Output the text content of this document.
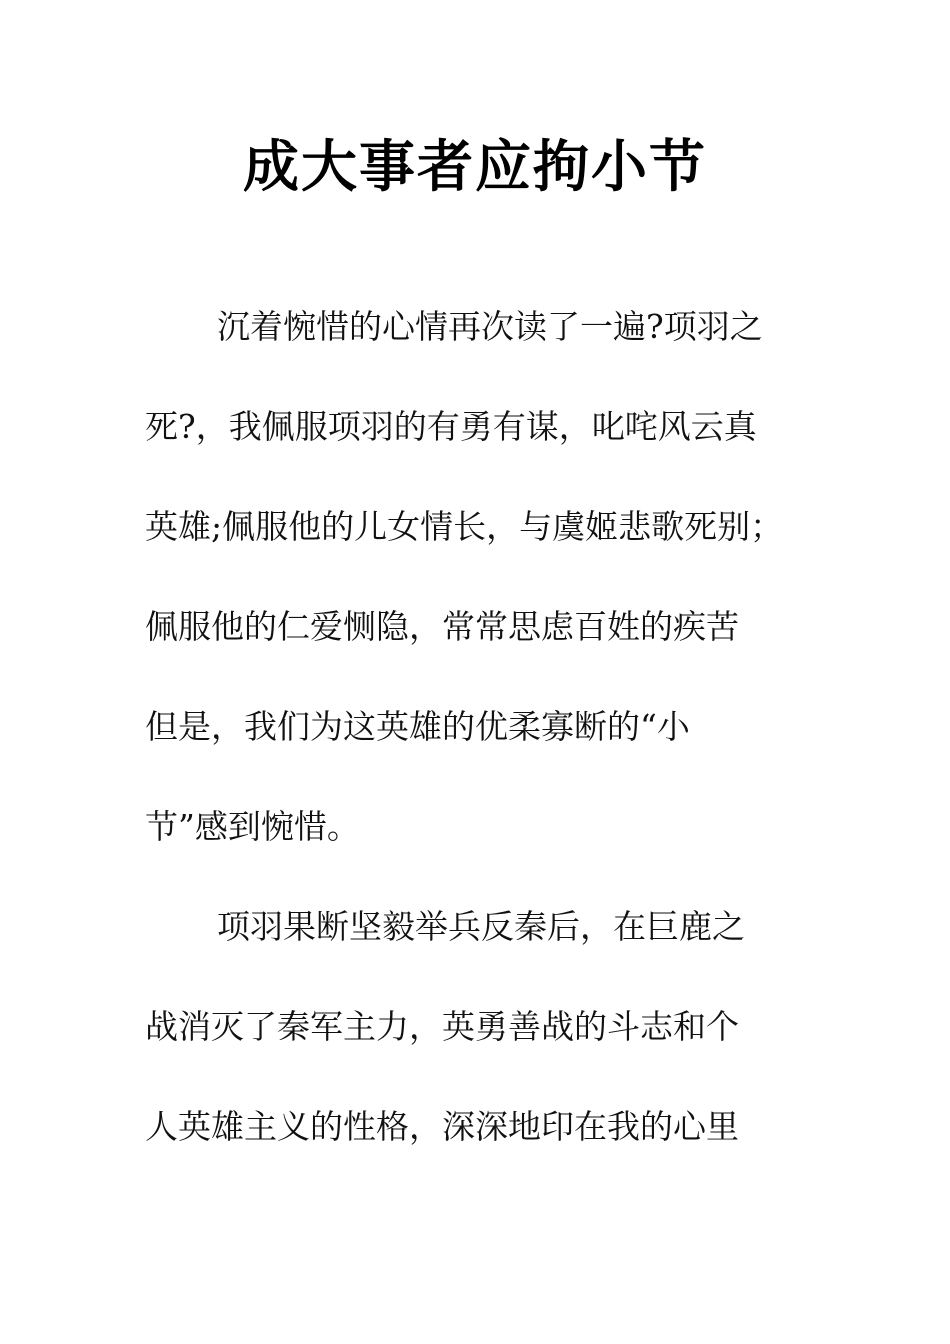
成大事者应拘小节
沉着惋惜的心情再次读了一遍?项羽之
死?，我佩服项羽的有勇有谋，叱咤风云真
英雄;佩服他的儿女情长，与虞姬悲歌死别；
佩服他的仁爱恻隐，常常思虑百姓的疾苦
但是，我们为这英雄的优柔寡断的“小
节”感到惋惜。
项羽果断坚毅举兵反秦后，在巨鹿之
战消灭了秦军主力，英勇善战的斗志和个
人英雄主义的性格，深深地印在我的心里
